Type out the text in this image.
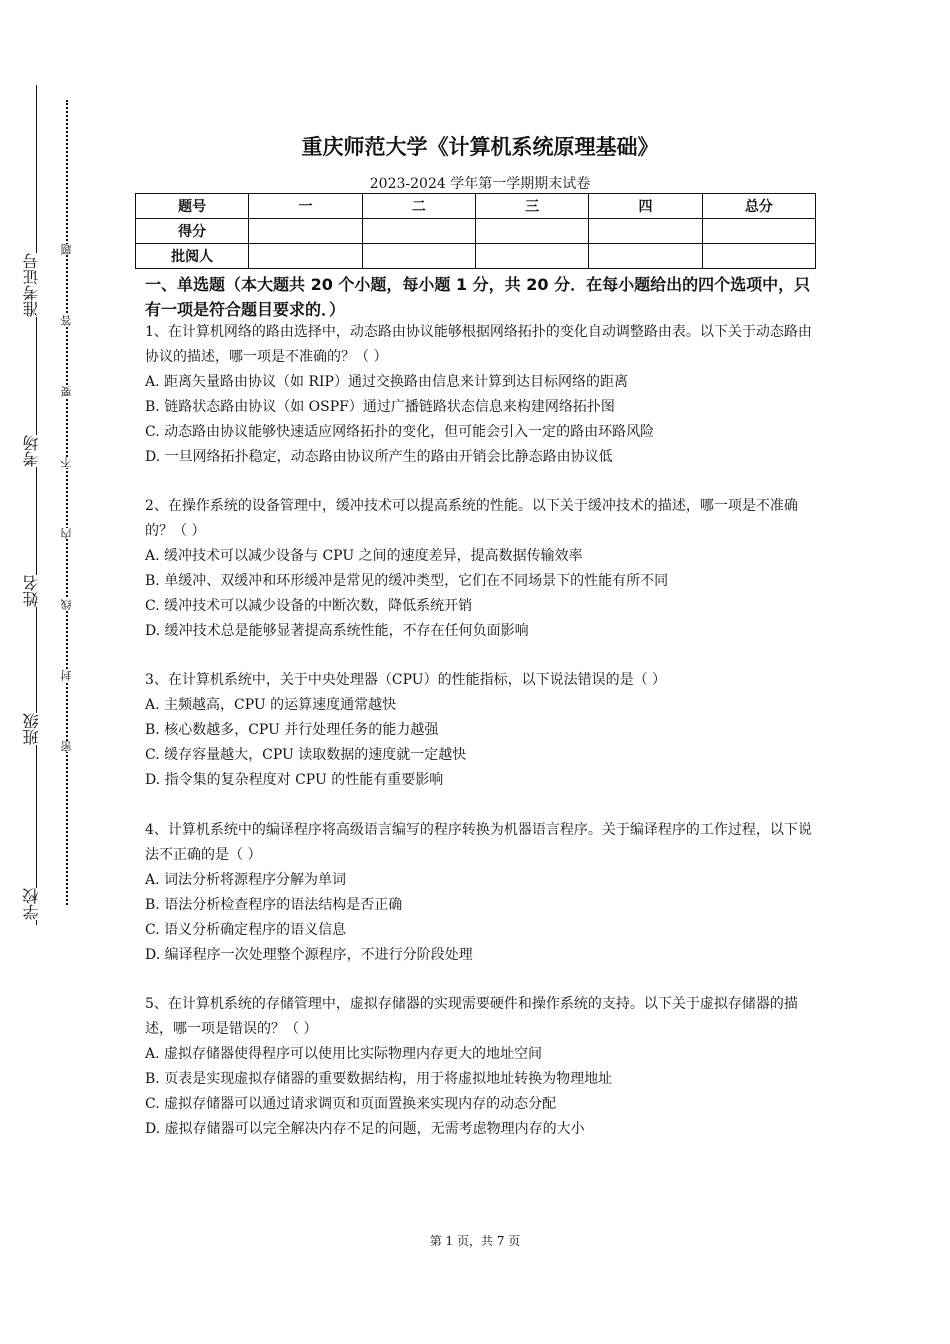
准考证号
考场
姓名
班级
学校
题
答
要
不
内
线
封
密
重庆师范大学《计算机系统原理基础》
2023-2024 学年第一学期期末试卷
题号	一	二	三	四	总分
得分					
批阅人					
一、单选题（本大题共 20 个小题，每小题 1 分，共 20 分．在每小题给出的四个选项中，只有一项是符合题目要求的．）

1、在计算机网络的路由选择中，动态路由协议能够根据网络拓扑的变化自动调整路由表。以下关于动态路由协议的描述，哪一项是不准确的？（ ）

A. 距离矢量路由协议（如 RIP）通过交换路由信息来计算到达目标网络的距离

B. 链路状态路由协议（如 OSPF）通过广播链路状态信息来构建网络拓扑图

C. 动态路由协议能够快速适应网络拓扑的变化，但可能会引入一定的路由环路风险

D. 一旦网络拓扑稳定，动态路由协议所产生的路由开销会比静态路由协议低

2、在操作系统的设备管理中，缓冲技术可以提高系统的性能。以下关于缓冲技术的描述，哪一项是不准确的？（ ）

A. 缓冲技术可以减少设备与 CPU 之间的速度差异，提高数据传输效率

B. 单缓冲、双缓冲和环形缓冲是常见的缓冲类型，它们在不同场景下的性能有所不同

C. 缓冲技术可以减少设备的中断次数，降低系统开销

D. 缓冲技术总是能够显著提高系统性能，不存在任何负面影响

3、在计算机系统中，关于中央处理器（CPU）的性能指标，以下说法错误的是（ ）

A. 主频越高，CPU 的运算速度通常越快

B. 核心数越多，CPU 并行处理任务的能力越强

C. 缓存容量越大，CPU 读取数据的速度就一定越快

D. 指令集的复杂程度对 CPU 的性能有重要影响

4、计算机系统中的编译程序将高级语言编写的程序转换为机器语言程序。关于编译程序的工作过程，以下说法不正确的是（ ）

A. 词法分析将源程序分解为单词

B. 语法分析检查程序的语法结构是否正确

C. 语义分析确定程序的语义信息

D. 编译程序一次处理整个源程序，不进行分阶段处理

5、在计算机系统的存储管理中，虚拟存储器的实现需要硬件和操作系统的支持。以下关于虚拟存储器的描述，哪一项是错误的？（ ）

A. 虚拟存储器使得程序可以使用比实际物理内存更大的地址空间

B. 页表是实现虚拟存储器的重要数据结构，用于将虚拟地址转换为物理地址

C. 虚拟存储器可以通过请求调页和页面置换来实现内存的动态分配

D. 虚拟存储器可以完全解决内存不足的问题，无需考虑物理内存的大小

第 1 页，共 7 页
